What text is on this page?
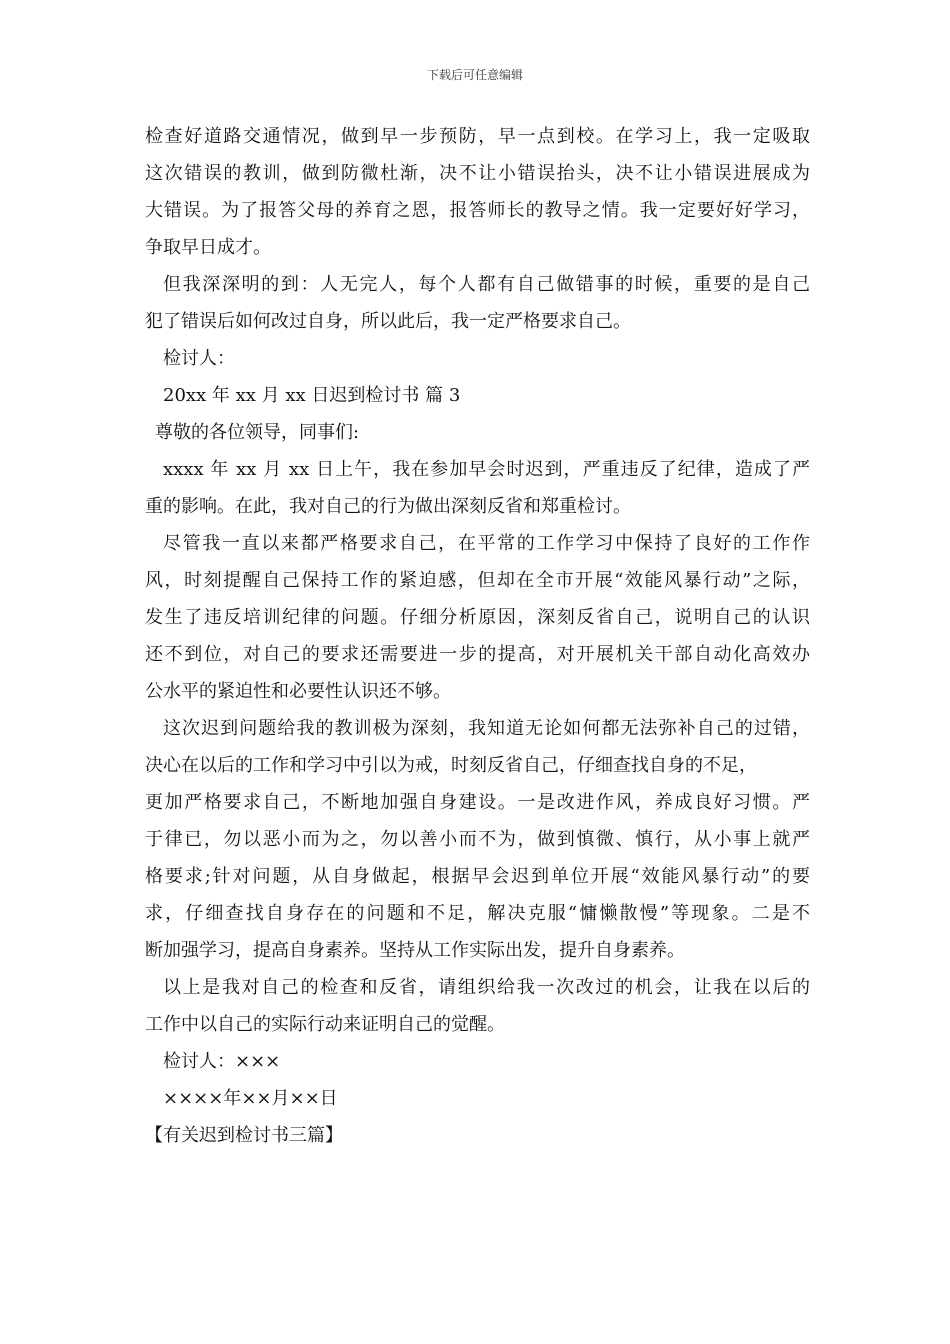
下载后可任意编辑
检查好道路交通情况，做到早一步预防，早一点到校。在学习上，我一定吸取
这次错误的教训，做到防微杜渐，决不让小错误抬头，决不让小错误进展成为
大错误。为了报答父母的养育之恩，报答师长的教导之情。我一定要好好学习，
争取早日成才。
但我深深明的到：人无完人，每个人都有自己做错事的时候，重要的是自己
犯了错误后如何改过自身，所以此后，我一定严格要求自己。
检讨人：
20xx 年 xx 月 xx 日迟到检讨书 篇 3
尊敬的各位领导，同事们:
xxxx 年 xx 月 xx 日上午，我在参加早会时迟到，严重违反了纪律，造成了严
重的影响。在此，我对自己的行为做出深刻反省和郑重检讨。
尽管我一直以来都严格要求自己，在平常的工作学习中保持了良好的工作作
风，时刻提醒自己保持工作的紧迫感，但却在全市开展“效能风暴行动”之际，
发生了违反培训纪律的问题。仔细分析原因，深刻反省自己，说明自己的认识
还不到位，对自己的要求还需要进一步的提高，对开展机关干部自动化高效办
公水平的紧迫性和必要性认识还不够。
这次迟到问题给我的教训极为深刻，我知道无论如何都无法弥补自己的过错，
决心在以后的工作和学习中引以为戒，时刻反省自己，仔细查找自身的不足，
更加严格要求自己，不断地加强自身建设。一是改进作风，养成良好习惯。严
于律已，勿以恶小而为之，勿以善小而不为，做到慎微、慎行，从小事上就严
格要求;针对问题，从自身做起，根据早会迟到单位开展“效能风暴行动”的要
求，仔细查找自身存在的问题和不足，解决克服“慵懒散慢”等现象。二是不
断加强学习，提高自身素养。坚持从工作实际出发，提升自身素养。
以上是我对自己的检查和反省，请组织给我一次改过的机会，让我在以后的
工作中以自己的实际行动来证明自己的觉醒。
检讨人：×××
××××年××月××日
【有关迟到检讨书三篇】
